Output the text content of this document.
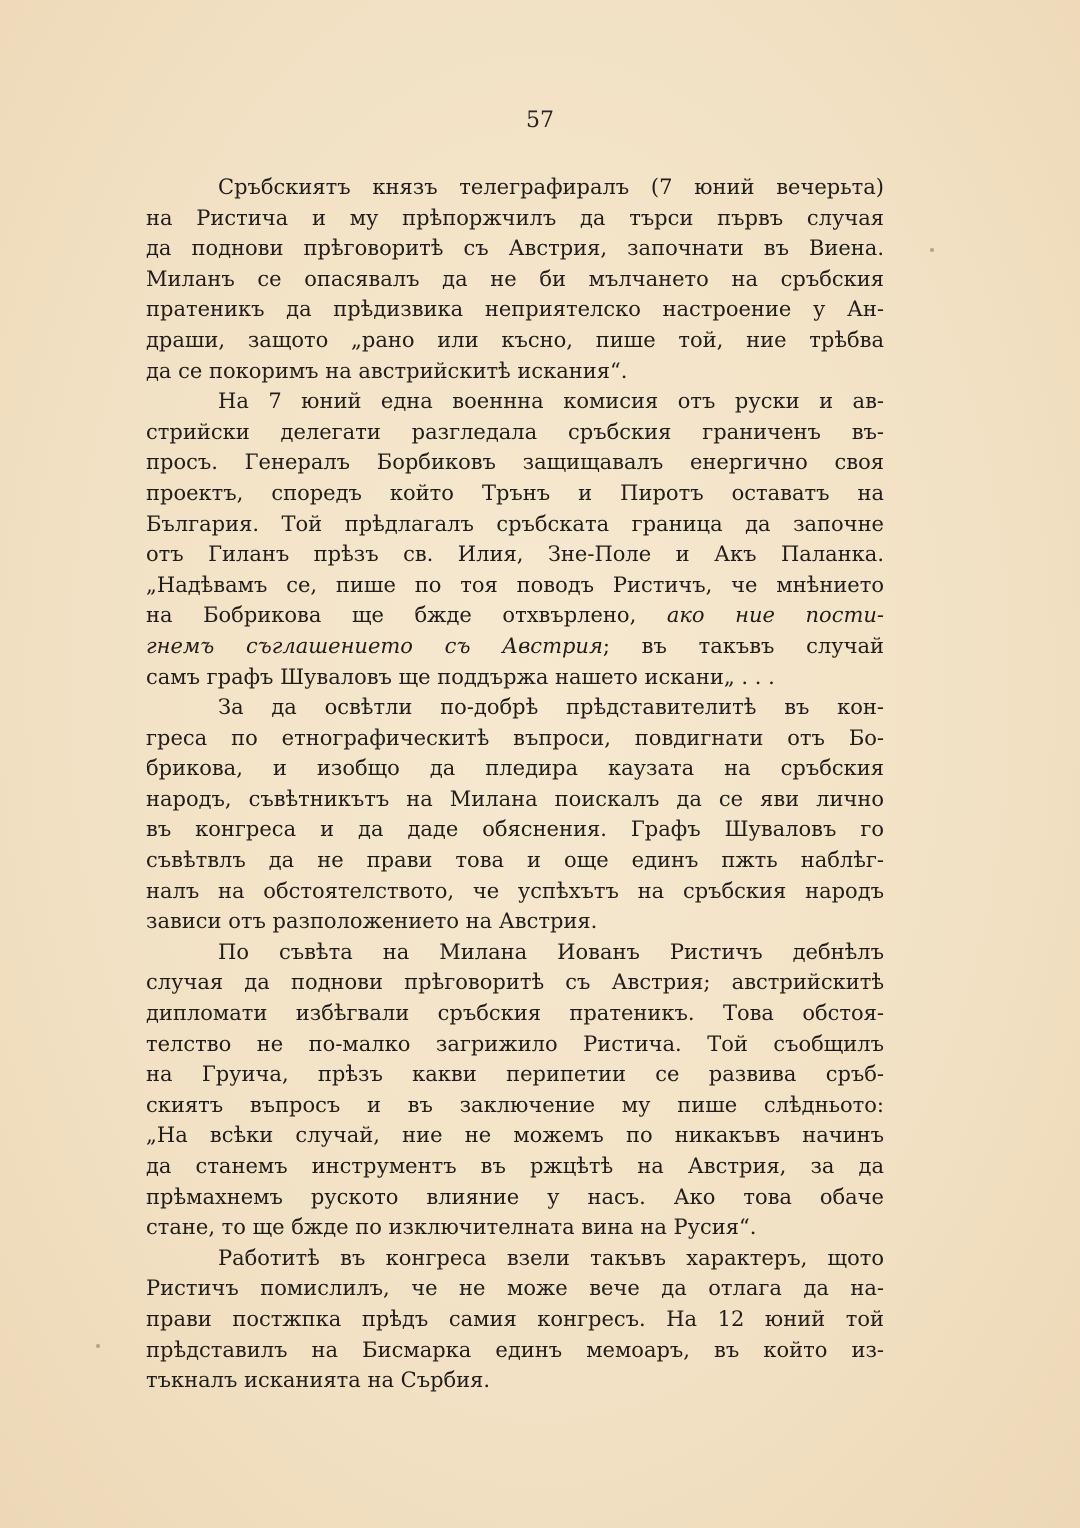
57
Сръбскиятъ князъ телеграфиралъ (7 юний вечерьта)
на Ристича и му прѣпоржчилъ да търси първъ случая
да поднови прѣговоритѣ съ Австрия, започнати въ Виена.
Миланъ се опасявалъ да не би мълчането на сръбския
пратеникъ да прѣдизвика неприятелско настроение у Ан-
драши, защото „рано или късно, пише той, ние трѣбва
да се покоримъ на австрийскитѣ искания“.
На 7 юний една военнна комисия отъ руски и ав-
стрийски делегати разгледала сръбския граниченъ въ-
просъ. Генералъ Борбиковъ защищавалъ енергично своя
проектъ, споредъ който Трънъ и Пиротъ оставатъ на
България. Той прѣдлагалъ сръбската граница да започне
отъ Гиланъ прѣзъ св. Илия, Зне-Поле и Акъ Паланка.
„Надѣвамъ се, пише по тоя поводъ Ристичъ, че мнѣнието
на Бобрикова ще бжде отхвърлено, ако ние пости-
гнемъ съглашението съ Австрия; въ такъвъ случай
самъ графъ Шуваловъ ще поддържа нашето искани„ . . .
За да освѣтли по-добрѣ прѣдставителитѣ въ кон-
греса по етнографическитѣ въпроси, повдигнати отъ Бо-
брикова, и изобщо да пледира каузата на сръбския
народъ, съвѣтникътъ на Милана поискалъ да се яви лично
въ конгреса и да даде обяснения. Графъ Шуваловъ го
съвѣтвлъ да не прави това и още единъ пжть наблѣг-
налъ на обстоятелството, че успѣхътъ на сръбския народъ
зависи отъ разположението на Австрия.
По съвѣта на Милана Иованъ Ристичъ дебнѣлъ
случая да поднови прѣговоритѣ съ Австрия; австрийскитѣ
дипломати избѣгвали сръбския пратеникъ. Това обстоя-
телство не по-малко загрижило Ристича. Той съобщилъ
на Груича, прѣзъ какви перипетии се развива сръб-
скиятъ въпросъ и въ заключение му пише слѣдньото:
„На всѣки случай, ние не можемъ по никакъвъ начинъ
да станемъ инструментъ въ ржцѣтѣ на Австрия, за да
прѣмахнемъ руското влияние у насъ. Ако това обаче
стане, то ще бжде по изключителната вина на Русия“.
Работитѣ въ конгреса взели такъвъ характеръ, щото
Ристичъ помислилъ, че не може вече да отлага да на-
прави постжпка прѣдъ самия конгресъ. На 12 юний той
прѣдставилъ на Бисмарка единъ мемоаръ, въ който из-
тъкналъ исканията на Сърбия.
